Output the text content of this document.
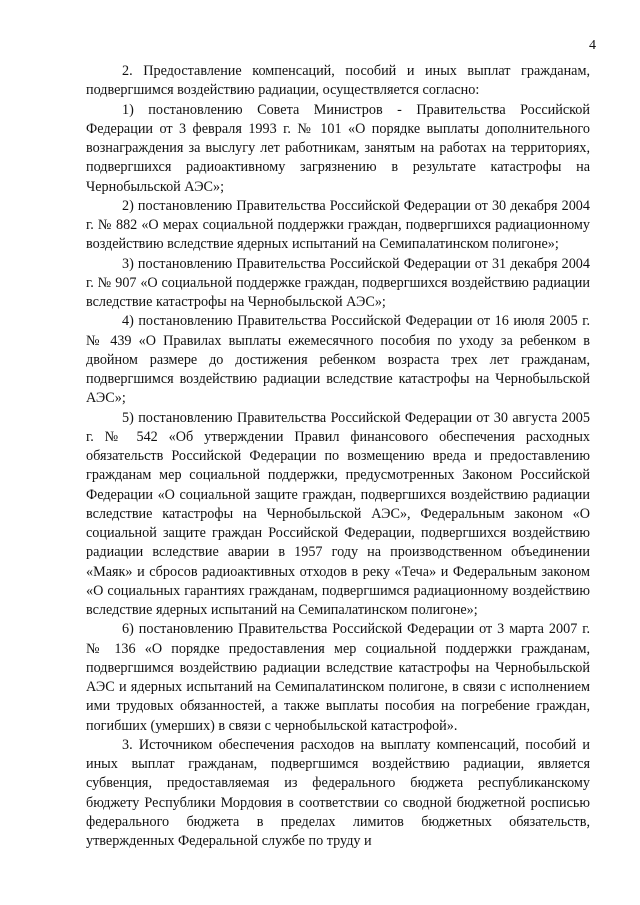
4

2. Предоставление компенсаций, пособий и иных выплат гражданам, подвергшимся воздействию радиации, осуществляется согласно:

1) постановлению Совета Министров - Правительства Российской Федерации от 3 февраля 1993 г. № 101 «О порядке выплаты дополнительного вознаграждения за выслугу лет работникам, занятым на работах на территориях, подвергшихся радиоактивному загрязнению в результате катастрофы на Чернобыльской АЭС»;

2) постановлению Правительства Российской Федерации от 30 декабря 2004 г. № 882 «О мерах социальной поддержки граждан, подвергшихся радиационному воздействию вследствие ядерных испытаний на Семипалатинском полигоне»;

3) постановлению Правительства Российской Федерации от 31 декабря 2004 г. № 907 «О социальной поддержке граждан, подвергшихся воздействию радиации вследствие катастрофы на Чернобыльской АЭС»;

4) постановлению Правительства Российской Федерации от 16 июля 2005 г. № 439 «О Правилах выплаты ежемесячного пособия по уходу за ребенком в двойном размере до достижения ребенком возраста трех лет гражданам, подвергшимся воздействию радиации вследствие катастрофы на Чернобыльской АЭС»;

5) постановлению Правительства Российской Федерации от 30 августа 2005 г. № 542 «Об утверждении Правил финансового обеспечения расходных обязательств Российской Федерации по возмещению вреда и предоставлению гражданам мер социальной поддержки, предусмотренных Законом Российской Федерации «О социальной защите граждан, подвергшихся воздействию радиации вследствие катастрофы на Чернобыльской АЭС», Федеральным законом «О социальной защите граждан Российской Федерации, подвергшихся воздействию радиации вследствие аварии в 1957 году на производственном объединении «Маяк» и сбросов радиоактивных отходов в реку «Теча» и Федеральным законом «О социальных гарантиях гражданам, подвергшимся радиационному воздействию вследствие ядерных испытаний на Семипалатинском полигоне»;

6) постановлению Правительства Российской Федерации от 3 марта 2007 г. № 136 «О порядке предоставления мер социальной поддержки гражданам, подвергшимся воздействию радиации вследствие катастрофы на Чернобыльской АЭС и ядерных испытаний на Семипалатинском полигоне, в связи с исполнением ими трудовых обязанностей, а также выплаты пособия на погребение граждан, погибших (умерших) в связи с чернобыльской катастрофой».

3. Источником обеспечения расходов на выплату компенсаций, пособий и иных выплат гражданам, подвергшимся воздействию радиации, является субвенция, предоставляемая из федерального бюджета республиканскому бюджету Республики Мордовия в соответствии со сводной бюджетной росписью федерального бюджета в пределах лимитов бюджетных обязательств, утвержденных Федеральной службе по труду и
